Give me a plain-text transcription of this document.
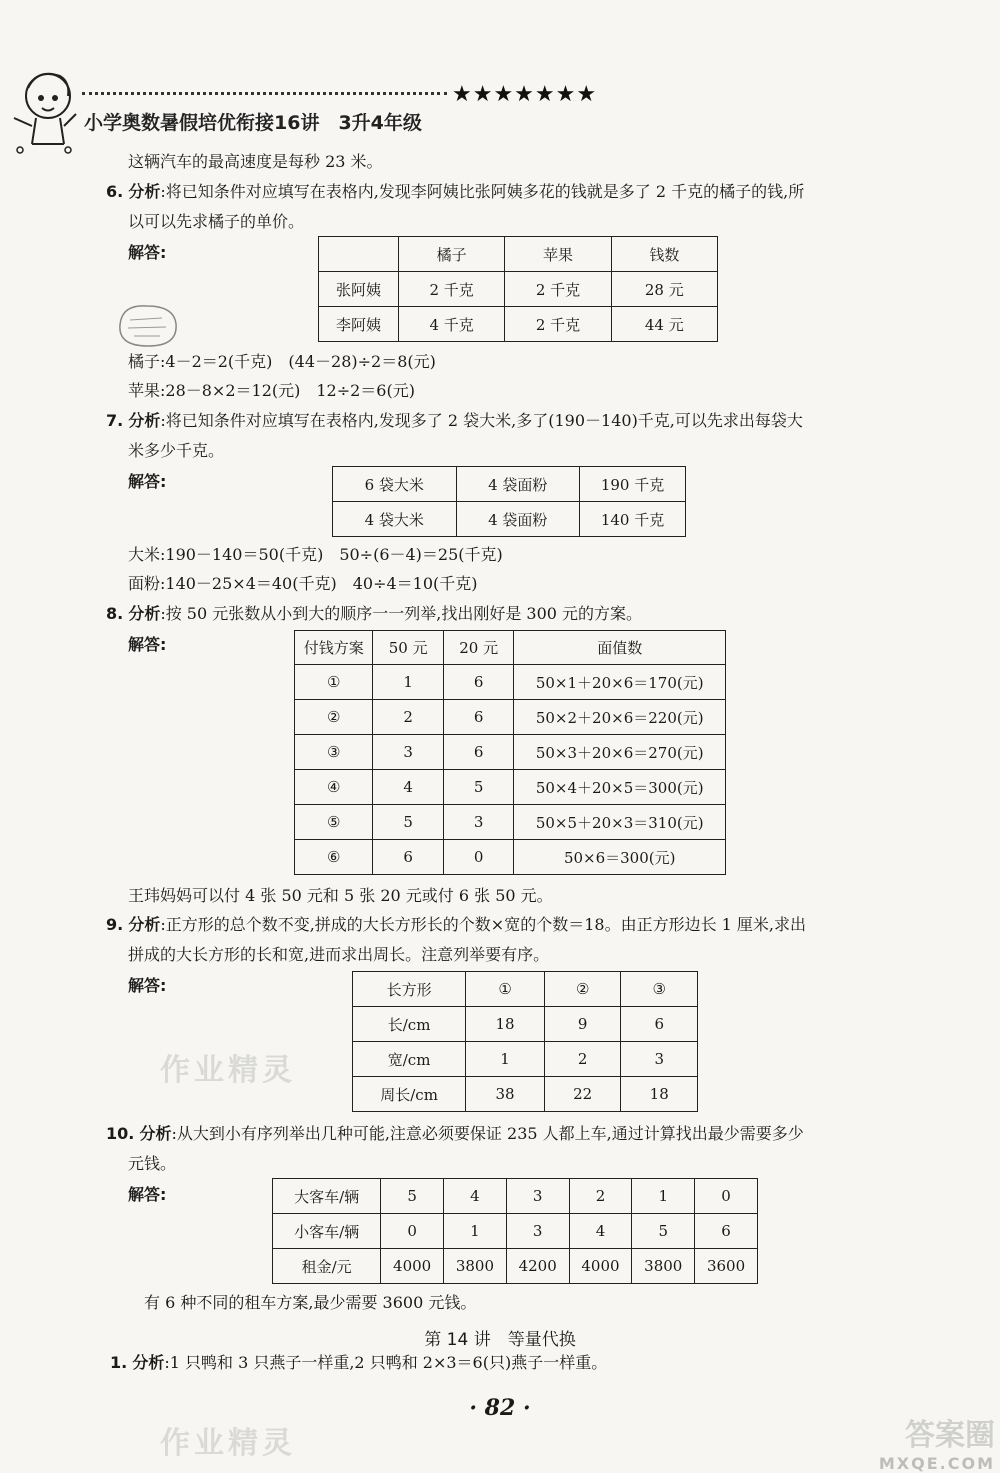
★★★★★★★
小学奥数暑假培优衔接16讲　3升4年级
这辆汽车的最高速度是每秒 23 米。
6. 分析:将已知条件对应填写在表格内,发现李阿姨比张阿姨多花的钱就是多了 2 千克的橘子的钱,所
以可以先求橘子的单价。
解答:
		橘子	苹果	钱数
张阿姨	2 千克	2 千克	28 元
李阿姨	4 千克	2 千克	44 元
橘子:4－2＝2(千克)　(44－28)÷2＝8(元)
苹果:28－8×2＝12(元)　12÷2＝6(元)
7. 分析:将已知条件对应填写在表格内,发现多了 2 袋大米,多了(190－140)千克,可以先求出每袋大
米多少千克。
解答:	6 袋大米	4 袋面粉	190 千克
4 袋大米	4 袋面粉	140 千克
大米:190－140＝50(千克)　50÷(6－4)＝25(千克)
面粉:140－25×4＝40(千克)　40÷4＝10(千克)
8. 分析:按 50 元张数从小到大的顺序一一列举,找出刚好是 300 元的方案。
解答:	付钱方案	50 元	20 元	面值数
①	1	6	50×1＋20×6＝170(元)
②	2	6	50×2＋20×6＝220(元)
③	3	6	50×3＋20×6＝270(元)
④	4	5	50×4＋20×5＝300(元)
⑤	5	3	50×5＋20×3＝310(元)
⑥	6	0	50×6＝300(元)
王玮妈妈可以付 4 张 50 元和 5 张 20 元或付 6 张 50 元。
9. 分析:正方形的总个数不变,拼成的大长方形长的个数×宽的个数＝18。由正方形边长 1 厘米,求出
拼成的大长方形的长和宽,进而求出周长。注意列举要有序。
解答:	长方形	①	②	③
长/cm	18	9	6
宽/cm	1	2	3
周长/cm	38	22	18
作业精灵
10. 分析:从大到小有序列举出几种可能,注意必须要保证 235 人都上车,通过计算找出最少需要多少
元钱。
解答:	大客车/辆	5	4	3	2	1	0
小客车/辆	0	1	3	4	5	6
租金/元	4000	3800	4200	4000	3800	3600
有 6 种不同的租车方案,最少需要 3600 元钱。
第 14 讲　等量代换
1. 分析:1 只鸭和 3 只燕子一样重,2 只鸭和 2×3＝6(只)燕子一样重。
作业精灵
· 82 ·
答案圈
MXQE.COM
